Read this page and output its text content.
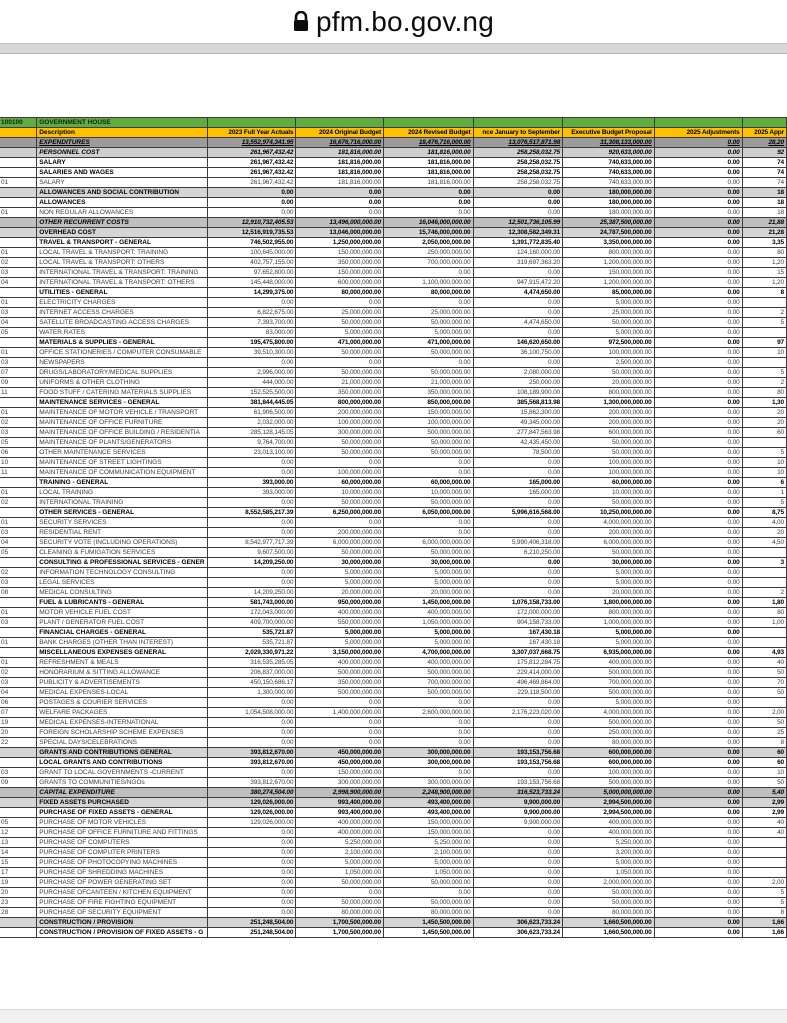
pfm.bo.gov.ng
100100	GOVERNMENT HOUSE							
	Description	2023 Full Year Actuals	2024 Original Budget	2024 Revised Budget	nce January to September	Executive Budget Proposal	2025 Adjustments	2025 Appr
	EXPENDITURES	13,552,974,341.95	16,676,716,000.00	18,476,716,000.00	13,076,517,871.98	31,308,133,000.00	0.00	28,20
	PERSONNEL COST	261,967,432.42	181,816,000.00	181,816,000.00	258,258,032.75	920,633,000.00	0.00	92
	SALARY	261,967,432.42	181,816,000.00	181,816,000.00	258,258,032.75	740,633,000.00	0.00	74
	SALARIES AND WAGES	261,967,432.42	181,816,000.00	181,816,000.00	258,258,032.75	740,633,000.00	0.00	74
01	SALARY	261,967,432.42	181,816,000.00	181,816,000.00	258,258,032.75	740,633,000.00	0.00	74
	ALLOWANCES AND SOCIAL CONTRIBUTION	0.00	0.00	0.00	0.00	180,000,000.00	0.00	18
	ALLOWANCES	0.00	0.00	0.00	0.00	180,000,000.00	0.00	18
01	NON REGULAR ALLOWANCES	0.00	0.00	0.00	0.00	180,000,000.00	0.00	18
	OTHER RECURRENT COSTS	12,910,732,405.53	13,496,000,000.00	16,046,000,000.00	12,501,736,105.99	25,387,500,000.00	0.00	21,88
	OVERHEAD COST	12,516,919,735.53	13,046,000,000.00	15,746,000,000.00	12,308,582,349.31	24,787,500,000.00	0.00	21,28
	TRAVEL & TRANSPORT - GENERAL	746,502,955.00	1,250,000,000.00	2,050,000,000.00	1,391,772,835.40	3,350,000,000.00	0.00	3,35
01	LOCAL TRAVEL & TRANSPORT: TRAINING	100,645,000.00	150,000,000.00	250,000,000.00	124,160,000.00	800,000,000.00	0.00	80
02	LOCAL TRAVEL & TRANSPORT: OTHERS	402,757,155.00	350,000,000.00	700,000,000.00	319,697,363.20	1,200,000,000.00	0.00	1,20
03	INTERNATIONAL TRAVEL & TRANSPORT: TRAINING	97,652,800.00	150,000,000.00	0.00	0.00	150,000,000.00	0.00	15
04	INTERNATIONAL TRAVEL & TRANSPORT: OTHERS	145,448,000.00	600,000,000.00	1,100,000,000.00	947,915,472.20	1,200,000,000.00	0.00	1,20
	UTILITIES - GENERAL	14,299,375.00	80,000,000.00	80,000,000.00	4,474,650.00	85,000,000.00	0.00	8
01	ELECTRICITY CHARGES	0.00	0.00	0.00	0.00	5,000,000.00	0.00	
03	INTERNET ACCESS CHARGES	6,822,675.00	25,000,000.00	25,000,000.00	0.00	25,000,000.00	0.00	2
04	SATELLITE BROADCASTING ACCESS CHARGES	7,393,700.00	50,000,000.00	50,000,000.00	4,474,650.00	50,000,000.00	0.00	5
05	WATER RATES	83,000.00	5,000,000.00	5,000,000.00	0.00	5,000,000.00	0.00	
	MATERIALS & SUPPLIES - GENERAL	195,475,800.00	471,000,000.00	471,000,000.00	146,620,650.00	972,500,000.00	0.00	97
01	OFFICE STATIONERIES / COMPUTER CONSUMABLE	39,510,300.00	50,000,000.00	50,000,000.00	36,100,750.00	100,000,000.00	0.00	10
03	NEWSPAPERS	0.00	0.00	0.00	0.00	2,500,000.00	0.00	
07	DRUGS/LABORATORY/MEDICAL SUPPLIES	2,996,000.00	50,000,000.00	50,000,000.00	2,080,000.00	50,000,000.00	0.00	5
09	UNIFORMS & OTHER CLOTHING	444,000.00	21,000,000.00	21,000,000.00	250,000.00	20,000,000.00	0.00	2
11	FOOD STUFF / CATERING MATERIALS SUPPLIES	152,525,500.00	350,000,000.00	350,000,000.00	108,189,900.00	800,000,000.00	0.00	80
	MAINTENANCE SERVICES - GENERAL	381,844,445.05	800,000,000.00	850,000,000.00	385,568,813.98	1,300,000,000.00	0.00	1,30
01	MAINTENANCE OF MOTOR VEHICLE / TRANSPORT	61,906,500.00	200,000,000.00	150,000,000.00	15,862,300.00	200,000,000.00	0.00	20
02	MAINTENANCE OF OFFICE FURNITURE	2,032,000.00	100,000,000.00	100,000,000.00	49,345,000.00	200,000,000.00	0.00	20
03	MAINTENANCE OF OFFICE BUILDING / RESIDENTIA	285,128,145.05	300,000,000.00	500,000,000.00	277,847,563.98	600,000,000.00	0.00	60
05	MAINTENANCE OF PLANTS/GENERATORS	9,764,700.00	50,000,000.00	50,000,000.00	42,435,450.00	50,000,000.00	0.00	
06	OTHER MAINTENANCE SERVICES	23,013,100.00	50,000,000.00	50,000,000.00	78,500.00	50,000,000.00	0.00	5
10	MAINTENANCE OF STREET LIGHTINGS	0.00	0.00	0.00	0.00	100,000,000.00	0.00	10
11	MAINTENANCE OF COMMUNICATION EQUIPMENT	0.00	100,000,000.00	0.00	0.00	100,000,000.00	0.00	10
	TRAINING - GENERAL	393,000.00	60,000,000.00	60,000,000.00	165,000.00	60,000,000.00	0.00	6
01	LOCAL TRAINING	393,000.00	10,000,000.00	10,000,000.00	165,000.00	10,000,000.00	0.00	1
02	INTERNATIONAL TRAINING	0.00	50,000,000.00	50,000,000.00	0.00	50,000,000.00	0.00	5
	OTHER SERVICES - GENERAL	8,552,585,217.39	6,250,000,000.00	6,050,000,000.00	5,996,616,568.00	10,250,000,000.00	0.00	8,75
01	SECURITY SERVICES	0.00	0.00	0.00	0.00	4,000,000,000.00	0.00	4,00
03	RESIDENTIAL RENT	0.00	200,000,000.00	0.00	0.00	200,000,000.00	0.00	20
04	SECURITY VOTE (INCLUDING OPERATIONS)	8,542,977,717.39	6,000,000,000.00	6,000,000,000.00	5,990,406,318.00	6,000,000,000.00	0.00	4,50
05	CLEANING & FUMIGATION SERVICES	9,607,500.00	50,000,000.00	50,000,000.00	6,210,250.00	50,000,000.00	0.00	
	CONSULTING & PROFESSIONAL SERVICES - GENER	14,209,250.00	30,000,000.00	30,000,000.00	0.00	30,000,000.00	0.00	3
02	INFORMATION TECHNOLOGY CONSULTING	0.00	5,000,000.00	5,000,000.00	0.00	5,000,000.00	0.00	
03	LEGAL SERVICES	0.00	5,000,000.00	5,000,000.00	0.00	5,000,000.00	0.00	
08	MEDICAL CONSULTING	14,209,250.00	20,000,000.00	20,000,000.00	0.00	20,000,000.00	0.00	2
	FUEL & LUBRICANTS - GENERAL	581,743,000.00	950,000,000.00	1,450,000,000.00	1,076,158,733.00	1,800,000,000.00	0.00	1,80
01	MOTOR VEHICLE FUEL COST	172,043,000.00	400,000,000.00	400,000,000.00	172,000,000.00	800,000,000.00	0.00	80
03	PLANT / GENERATOR FUEL COST	409,700,000.00	550,000,000.00	1,050,000,000.00	904,158,733.00	1,000,000,000.00	0.00	1,00
	FINANCIAL CHARGES - GENERAL	535,721.87	5,000,000.00	5,000,000.00	167,430.18	5,000,000.00	0.00	
01	BANK CHARGES (OTHER THAN INTEREST)	535,721.87	5,000,000.00	5,000,000.00	167,430.18	5,000,000.00	0.00	
	MISCELLANEOUS EXPENSES GENERAL	2,029,330,971.22	3,150,000,000.00	4,700,000,000.00	3,307,037,668.75	6,935,000,000.00	0.00	4,93
01	REFRESHMENT & MEALS	316,535,285.05	400,000,000.00	400,000,000.00	175,812,284.75	400,000,000.00	0.00	40
02	HONORARIUM & SITTING ALLOWANCE	206,837,000.00	500,000,000.00	500,000,000.00	229,414,000.00	500,000,000.00	0.00	50
03	PUBLICITY & ADVERTISEMENTS	450,150,686.17	350,000,000.00	700,000,000.00	496,469,864.00	700,000,000.00	0.00	70
04	MEDICAL EXPENSES-LOCAL	1,300,000.00	500,000,000.00	500,000,000.00	229,118,500.00	500,000,000.00	0.00	50
06	POSTAGES & COURIER SERVICES	0.00	0.00	0.00	0.00	5,000,000.00	0.00	
07	WELFARE PACKAGES	1,054,508,000.00	1,400,000,000.00	2,600,000,000.00	2,176,223,020.00	4,000,000,000.00	0.00	2,00
19	MEDICAL EXPENSES-INTERNATIONAL	0.00	0.00	0.00	0.00	500,000,000.00	0.00	50
20	FOREIGN SCHOLARSHIP SCHEME EXPENSES	0.00	0.00	0.00	0.00	250,000,000.00	0.00	25
22	SPECIAL DAYS/CELEBRATIONS	0.00	0.00	0.00	0.00	80,000,000.00	0.00	8
	GRANTS AND CONTRIBUTIONS GENERAL	393,812,670.00	450,000,000.00	300,000,000.00	193,153,756.68	600,000,000.00	0.00	60
	LOCAL GRANTS AND CONTRIBUTIONS	393,812,670.00	450,000,000.00	300,000,000.00	193,153,756.68	600,000,000.00	0.00	60
03	GRANT TO LOCAL GOVERNMENTS -CURRENT	0.00	150,000,000.00	0.00	0.00	100,000,000.00	0.00	10
09	GRANTS TO COMMUNITIES/NGOs	393,812,670.00	300,000,000.00	300,000,000.00	193,153,756.68	500,000,000.00	0.00	50
	CAPITAL EXPENDITURE	380,274,504.00	2,998,900,000.00	2,248,900,000.00	316,523,733.24	5,000,000,000.00	0.00	5,40
	FIXED ASSETS PURCHASED	129,026,000.00	993,400,000.00	493,400,000.00	9,900,000.00	2,994,500,000.00	0.00	2,99
	PURCHASE OF FIXED ASSETS - GENERAL	129,026,000.00	993,400,000.00	493,400,000.00	9,900,000.00	2,994,500,000.00	0.00	2,99
05	PURCHASE OF MOTOR VEHICLES	129,026,000.00	400,000,000.00	150,000,000.00	9,900,000.00	400,000,000.00	0.00	40
12	PURCHASE OF OFFICE FURNITURE AND FITTINGS	0.00	400,000,000.00	150,000,000.00	0.00	400,000,000.00	0.00	40
13	PURCHASE OF COMPUTERS	0.00	5,250,000.00	5,250,000.00	0.00	5,250,000.00	0.00	
14	PURCHASE OF COMPUTER PRINTERS	0.00	2,100,000.00	2,100,000.00	0.00	3,200,000.00	0.00	
15	PURCHASE OF PHOTOCOPYING MACHINES	0.00	5,000,000.00	5,000,000.00	0.00	5,000,000.00	0.00	
17	PURCHASE OF SHREDDING MACHINES	0.00	1,050,000.00	1,050,000.00	0.00	1,050,000.00	0.00	
19	PURCHASE OF POWER GENERATING SET	0.00	50,000,000.00	50,000,000.00	0.00	2,000,000,000.00	0.00	2,00
20	PURCHASE OFCANTEEN / KITCHEN EQUIPMENT	0.00	0.00	0.00	0.00	50,000,000.00	0.00	5
23	PURCHASE OF FIRE FIGHTING EQUIPMENT	0.00	50,000,000.00	50,000,000.00	0.00	50,000,000.00	0.00	5
28	PURCHASE OF SECURITY EQUIPMENT	0.00	80,000,000.00	80,000,000.00	0.00	80,000,000.00	0.00	8
	CONSTRUCTION / PROVISION	251,248,504.00	1,700,500,000.00	1,450,500,000.00	306,623,733.24	1,660,500,000.00	0.00	1,66
	CONSTRUCTION / PROVISION OF FIXED ASSETS - G	251,248,504.00	1,700,500,000.00	1,450,500,000.00	306,623,733.24	1,660,500,000.00	0.00	1,66
